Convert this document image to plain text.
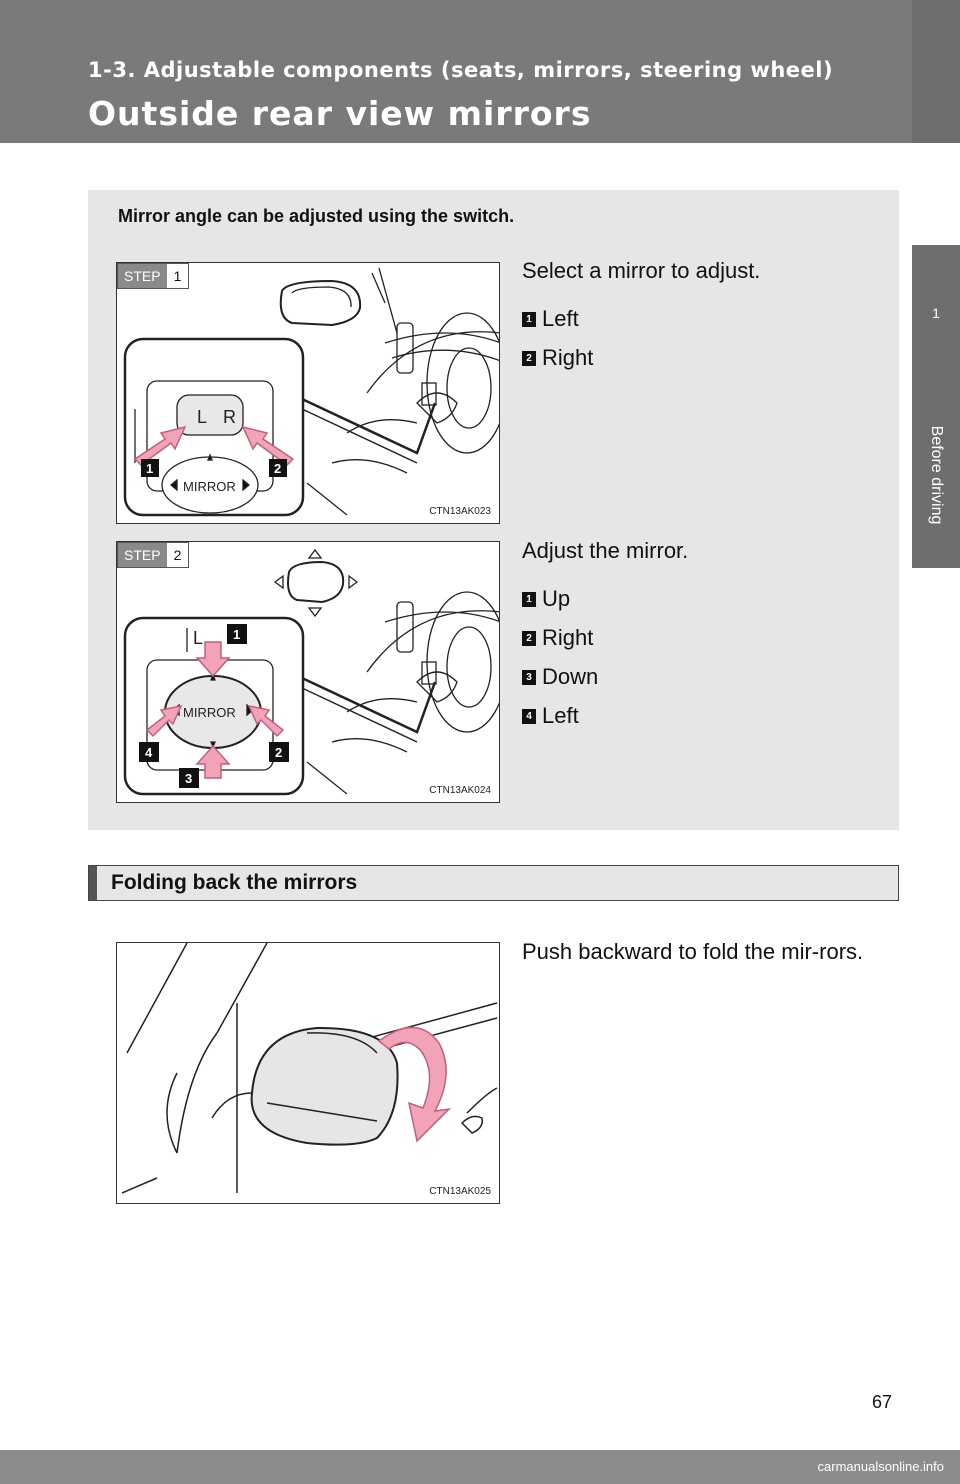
1-3. Adjustable components (seats, mirrors, steering wheel)
Outside rear view mirrors
1
Before driving
Mirror angle can be adjusted using the switch.
L R
MIRROR
1	2
STEP 1
CTN13AK023
Select a mirror to adjust.
1 Left
2 Right
L
MIRROR
1
2
3
4
STEP 2
CTN13AK024
Adjust the mirror.
1 Up
2 Right
3 Down
4 Left
Folding back the mirrors
CTN13AK025
Push backward to fold the mir-rors.
67
carmanualsonline.info
